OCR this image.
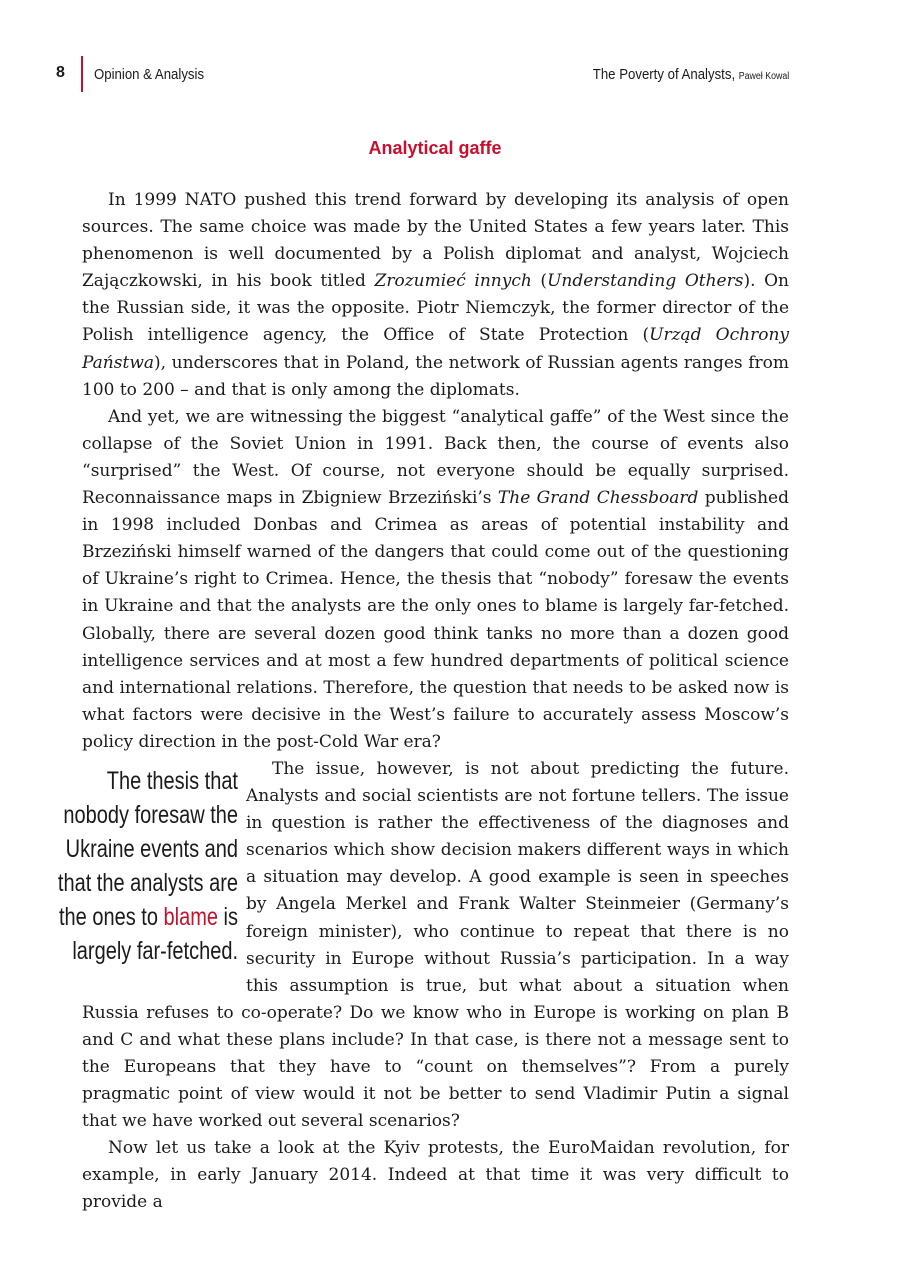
8 Opinion & Analysis	The Poverty of Analysts, Paweł Kowal
Analytical gaffe

In 1999 NATO pushed this trend forward by developing its analysis of open sources. The same choice was made by the United States a few years later. This phenomenon is well documented by a Polish diplomat and analyst, Wojciech Zajączkowski, in his book titled Zrozumieć innych (Understanding Others). On the Russian side, it was the opposite. Piotr Niemczyk, the former director of the Polish intelligence agency, the Office of State Protection (Urząd Ochrony Państwa), underscores that in Poland, the network of Russian agents ranges from 100 to 200 – and that is only among the diplomats.

And yet, we are witnessing the biggest “analytical gaffe” of the West since the collapse of the Soviet Union in 1991. Back then, the course of events also “surprised” the West. Of course, not everyone should be equally surprised. Reconnaissance maps in Zbigniew Brzeziński’s The Grand Chessboard published in 1998 included Donbas and Crimea as areas of potential instability and Brzeziński himself warned of the dangers that could come out of the questioning of Ukraine’s right to Crimea. Hence, the thesis that “nobody” foresaw the events in Ukraine and that the analysts are the only ones to blame is largely far-fetched. Globally, there are several dozen good think tanks no more than a dozen good intelligence services and at most a few hundred departments of political science and international relations. Therefore, the question that needs to be asked now is what factors were decisive in the West’s failure to accurately assess Moscow’s policy direction in the post-Cold War era?

The thesis that
nobody foresaw the
Ukraine events and
that the analysts are
the ones to blame is
largely far-fetched.

The issue, however, is not about predicting the future. Analysts and social scientists are not fortune tellers. The issue in question is rather the effectiveness of the diagnoses and scenarios which show decision makers different ways in which a situation may develop. A good example is seen in speeches by Angela Merkel and Frank Walter Steinmeier (Germany’s foreign minister), who continue to repeat that there is no security in Europe without Russia’s participation. In a way this assumption is true, but what about a situation when Russia refuses to co-operate? Do we know who in Europe is working on plan B and C and what these plans include? In that case, is there not a message sent to the Europeans that they have to “count on themselves”? From a purely pragmatic point of view would it not be better to send Vladimir Putin a signal that we have worked out several scenarios?

Now let us take a look at the Kyiv protests, the EuroMaidan revolution, for example, in early January 2014. Indeed at that time it was very difficult to provide a
